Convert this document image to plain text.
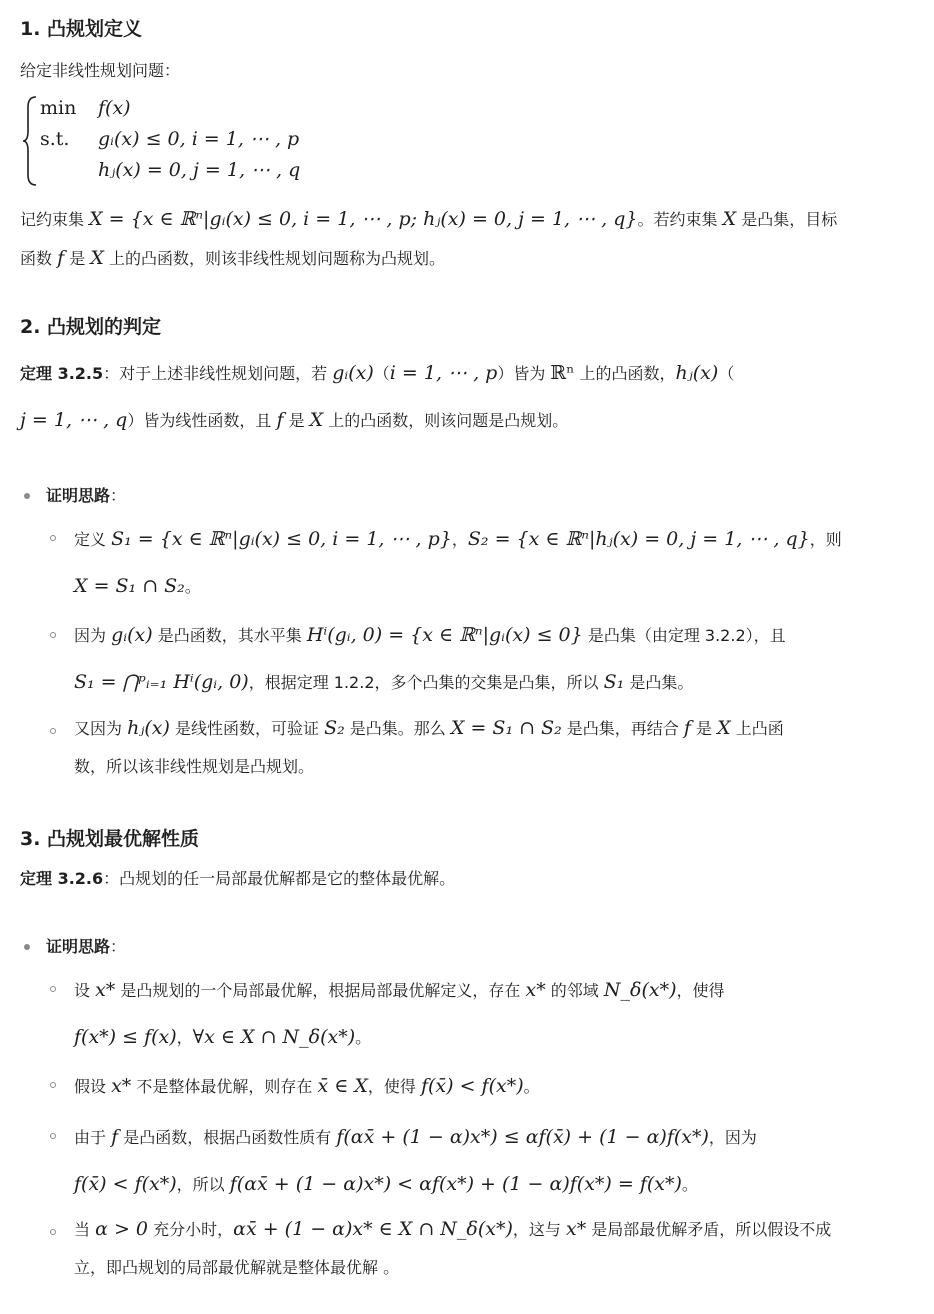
1. 凸规划定义

给定非线性规划问题：

min f(x)
s.t. gᵢ(x) ≤ 0, i = 1, ⋯ , p
hⱼ(x) = 0, j = 1, ⋯ , q

记约束集 X = {x ∈ ℝⁿ|gᵢ(x) ≤ 0, i = 1, ⋯ , p; hⱼ(x) = 0, j = 1, ⋯ , q}。若约束集 X 是凸集，目标

函数 f 是 X 上的凸函数，则该非线性规划问题称为凸规划。

2. 凸规划的判定

定理 3.2.5：对于上述非线性规划问题，若 gᵢ(x)（i = 1, ⋯ , p）皆为 ℝⁿ 上的凸函数，hⱼ(x)（

j = 1, ⋯ , q）皆为线性函数，且 f 是 X 上的凸函数，则该问题是凸规划。

证明思路：

定义 S₁ = {x ∈ ℝⁿ|gᵢ(x) ≤ 0, i = 1, ⋯ , p}，S₂ = {x ∈ ℝⁿ|hⱼ(x) = 0, j = 1, ⋯ , q}，则
X = S₁ ∩ S₂。
因为 gᵢ(x) 是凸函数，其水平集 Hⁱ(gᵢ, 0) = {x ∈ ℝⁿ|gᵢ(x) ≤ 0} 是凸集（由定理 3.2.2），且
S₁ = ⋂ᵖᵢ₌₁ Hⁱ(gᵢ, 0)，根据定理 1.2.2，多个凸集的交集是凸集，所以 S₁ 是凸集。
又因为 hⱼ(x) 是线性函数，可验证 S₂ 是凸集。那么 X = S₁ ∩ S₂ 是凸集，再结合 f 是 X 上凸函
数，所以该非线性规划是凸规划。
3. 凸规划最优解性质

定理 3.2.6：凸规划的任一局部最优解都是它的整体最优解。

证明思路：

设 x* 是凸规划的一个局部最优解，根据局部最优解定义，存在 x* 的邻域 N_δ(x*)，使得
f(x*) ≤ f(x)，∀x ∈ X ∩ N_δ(x*)。
假设 x* 不是整体最优解，则存在 x̄ ∈ X，使得 f(x̄) < f(x*)。
由于 f 是凸函数，根据凸函数性质有 f(αx̄ + (1 − α)x*) ≤ αf(x̄) + (1 − α)f(x*)，因为
f(x̄) < f(x*)，所以 f(αx̄ + (1 − α)x*) < αf(x*) + (1 − α)f(x*) = f(x*)。
当 α > 0 充分小时，αx̄ + (1 − α)x* ∈ X ∩ N_δ(x*)，这与 x* 是局部最优解矛盾，所以假设不成
立，即凸规划的局部最优解就是整体最优解 。
